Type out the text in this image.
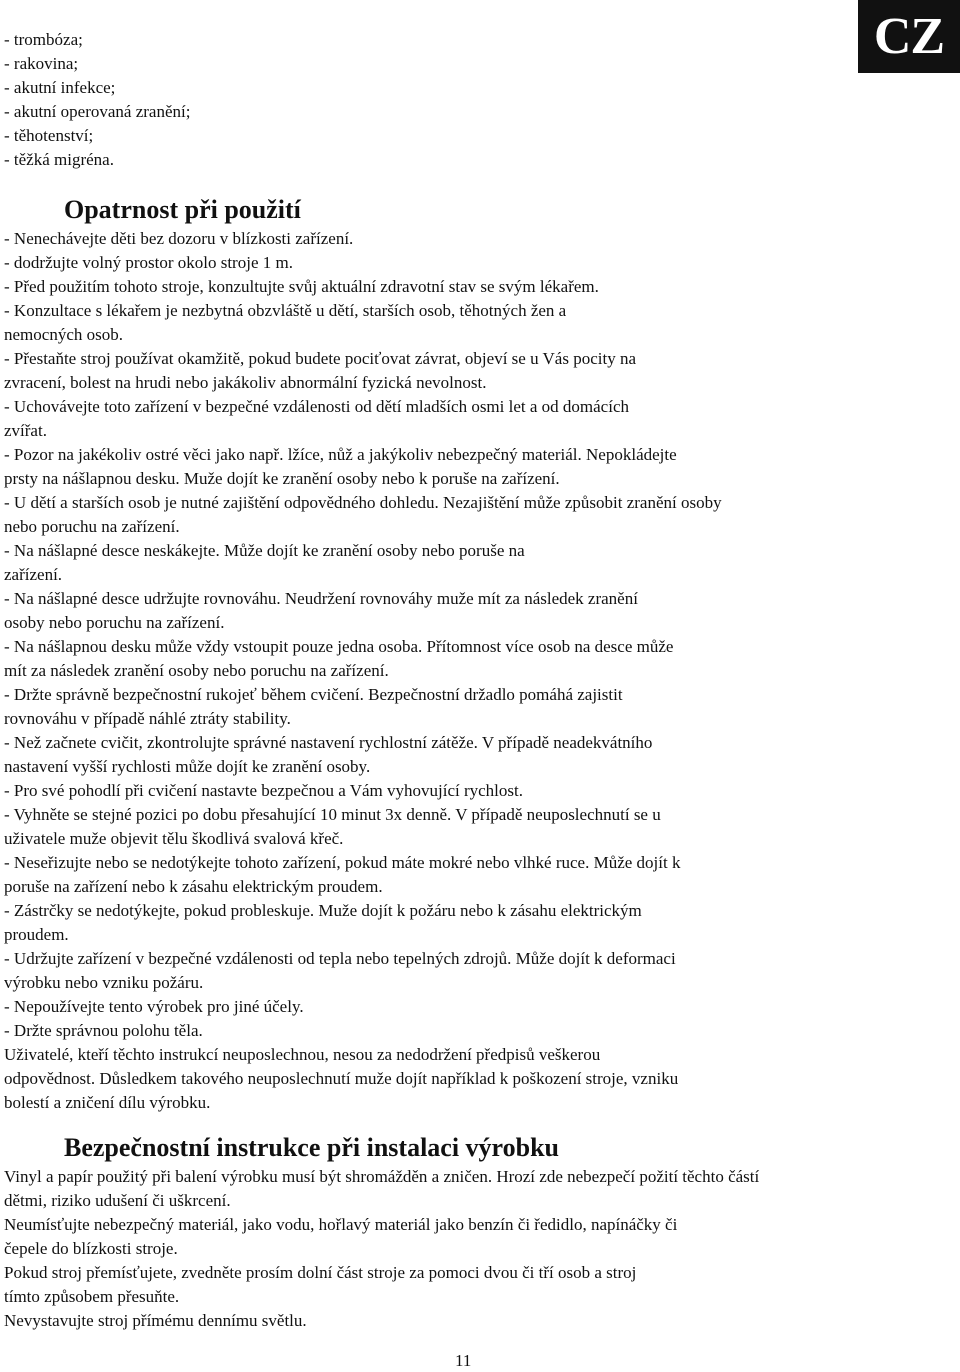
CZ

- trombóza;

- rakovina;

- akutní infekce;

- akutní operovaná zranění;

- těhotenství;

- těžká migréna.

Opatrnost při použití

- Nenechávejte děti bez dozoru v blízkosti zařízení.

- dodržujte volný prostor okolo stroje 1 m.

- Před použitím tohoto stroje, konzultujte svůj aktuální zdravotní stav se svým lékařem.

- Konzultace s lékařem je nezbytná obzvláště u dětí, starších osob, těhotných žen a

nemocných osob.

- Přestaňte stroj používat okamžitě, pokud budete pociťovat závrat, objeví se u Vás pocity na

zvracení, bolest na hrudi nebo jakákoliv abnormální fyzická nevolnost.

- Uchovávejte toto zařízení v bezpečné vzdálenosti od dětí mladších osmi let a od domácích

zvířat.

- Pozor na jakékoliv ostré věci jako např. lžíce, nůž a jakýkoliv nebezpečný materiál. Nepokládejte

prsty na nášlapnou desku. Muže dojít ke zranění osoby nebo k poruše na zařízení.

- U dětí a starších osob je nutné zajištění odpovědného dohledu. Nezajištění může způsobit zranění osoby

nebo poruchu na zařízení.

- Na nášlapné desce neskákejte. Může dojít ke zranění osoby nebo poruše na

zařízení.

- Na nášlapné desce udržujte rovnováhu. Neudržení rovnováhy muže mít za následek zranění

osoby nebo poruchu na zařízení.

- Na nášlapnou desku může vždy vstoupit pouze jedna osoba. Přítomnost více osob na desce může

mít za následek zranění osoby nebo poruchu na zařízení.

- Držte správně bezpečnostní rukojeť během cvičení. Bezpečnostní držadlo pomáhá zajistit

rovnováhu v případě náhlé ztráty stability.

- Než začnete cvičit, zkontrolujte správné nastavení rychlostní zátěže. V případě neadekvátního

nastavení vyšší rychlosti může dojít ke zranění osoby.

- Pro své pohodlí při cvičení nastavte bezpečnou a Vám vyhovující rychlost.

- Vyhněte se stejné pozici po dobu přesahující 10 minut 3x denně. V případě neuposlechnutí se u

uživatele muže objevit tělu škodlivá svalová křeč.

- Neseřizujte nebo se nedotýkejte tohoto zařízení, pokud máte mokré nebo vlhké ruce. Může dojít k

poruše na zařízení nebo k zásahu elektrickým proudem.

- Zástrčky se nedotýkejte, pokud probleskuje. Muže dojít k požáru nebo k zásahu elektrickým

proudem.

- Udržujte zařízení v bezpečné vzdálenosti od tepla nebo tepelných zdrojů. Může dojít k deformaci

výrobku nebo vzniku požáru.

- Nepoužívejte tento výrobek pro jiné účely.

- Držte správnou polohu těla.

Uživatelé, kteří těchto instrukcí neuposlechnou, nesou za nedodržení předpisů veškerou

odpovědnost. Důsledkem takového neuposlechnutí muže dojít například k poškození stroje, vzniku

bolestí a zničení dílu výrobku.

Bezpečnostní instrukce při instalaci výrobku

Vinyl a papír použitý při balení výrobku musí být shromážděn a zničen. Hrozí zde nebezpečí požití těchto částí

dětmi, riziko udušení či uškrcení.

Neumísťujte nebezpečný materiál, jako vodu, hořlavý materiál jako benzín či ředidlo, napínáčky či

čepele do blízkosti stroje.

Pokud stroj přemísťujete, zvedněte prosím dolní část stroje za pomoci dvou či tří osob a stroj

tímto způsobem přesuňte.

Nevystavujte stroj přímému dennímu světlu.

11
